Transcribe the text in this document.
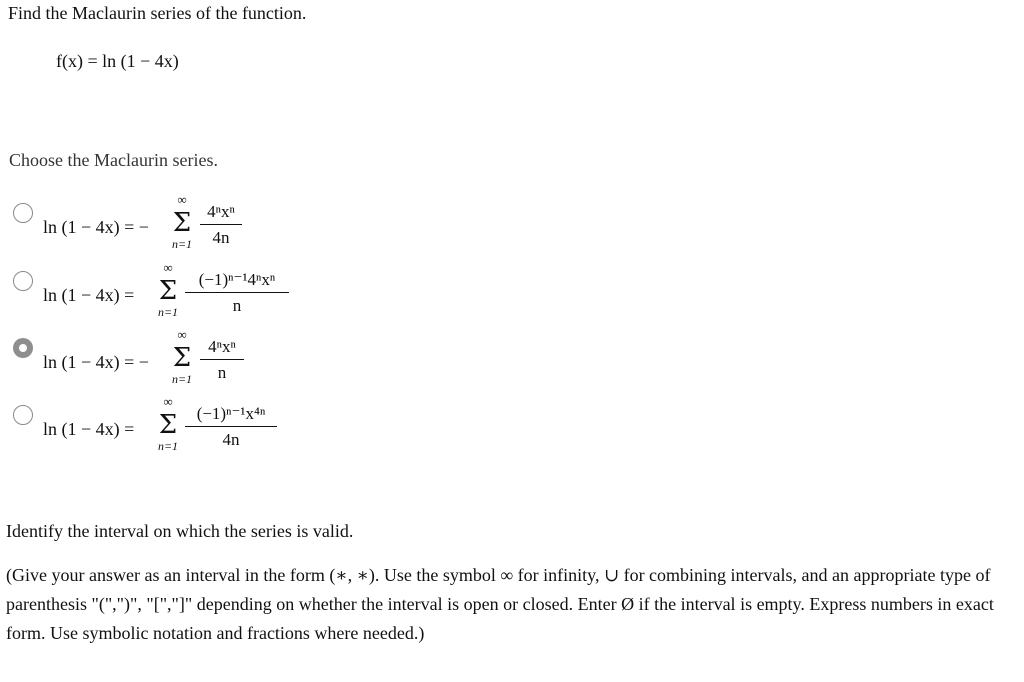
Find the Maclaurin series of the function.
f(x) = ln (1 − 4x)
Choose the Maclaurin series.
ln (1 − 4x) = −
∞
Σ
n=1
4ⁿxⁿ
4n
ln (1 − 4x) =
∞
Σ
n=1
(−1)ⁿ⁻¹4ⁿxⁿ
n
ln (1 − 4x) = −
∞
Σ
n=1
4ⁿxⁿ
n
ln (1 − 4x) =
∞
Σ
n=1
(−1)ⁿ⁻¹x⁴ⁿ
4n
Identify the interval on which the series is valid.
(Give your answer as an interval in the form (∗, ∗). Use the symbol ∞ for infinity, ∪ for combining intervals, and an appropriate type of parenthesis "(",")", "[","]" depending on whether the interval is open or closed. Enter Ø if the interval is empty. Express numbers in exact form. Use symbolic notation and fractions where needed.)
